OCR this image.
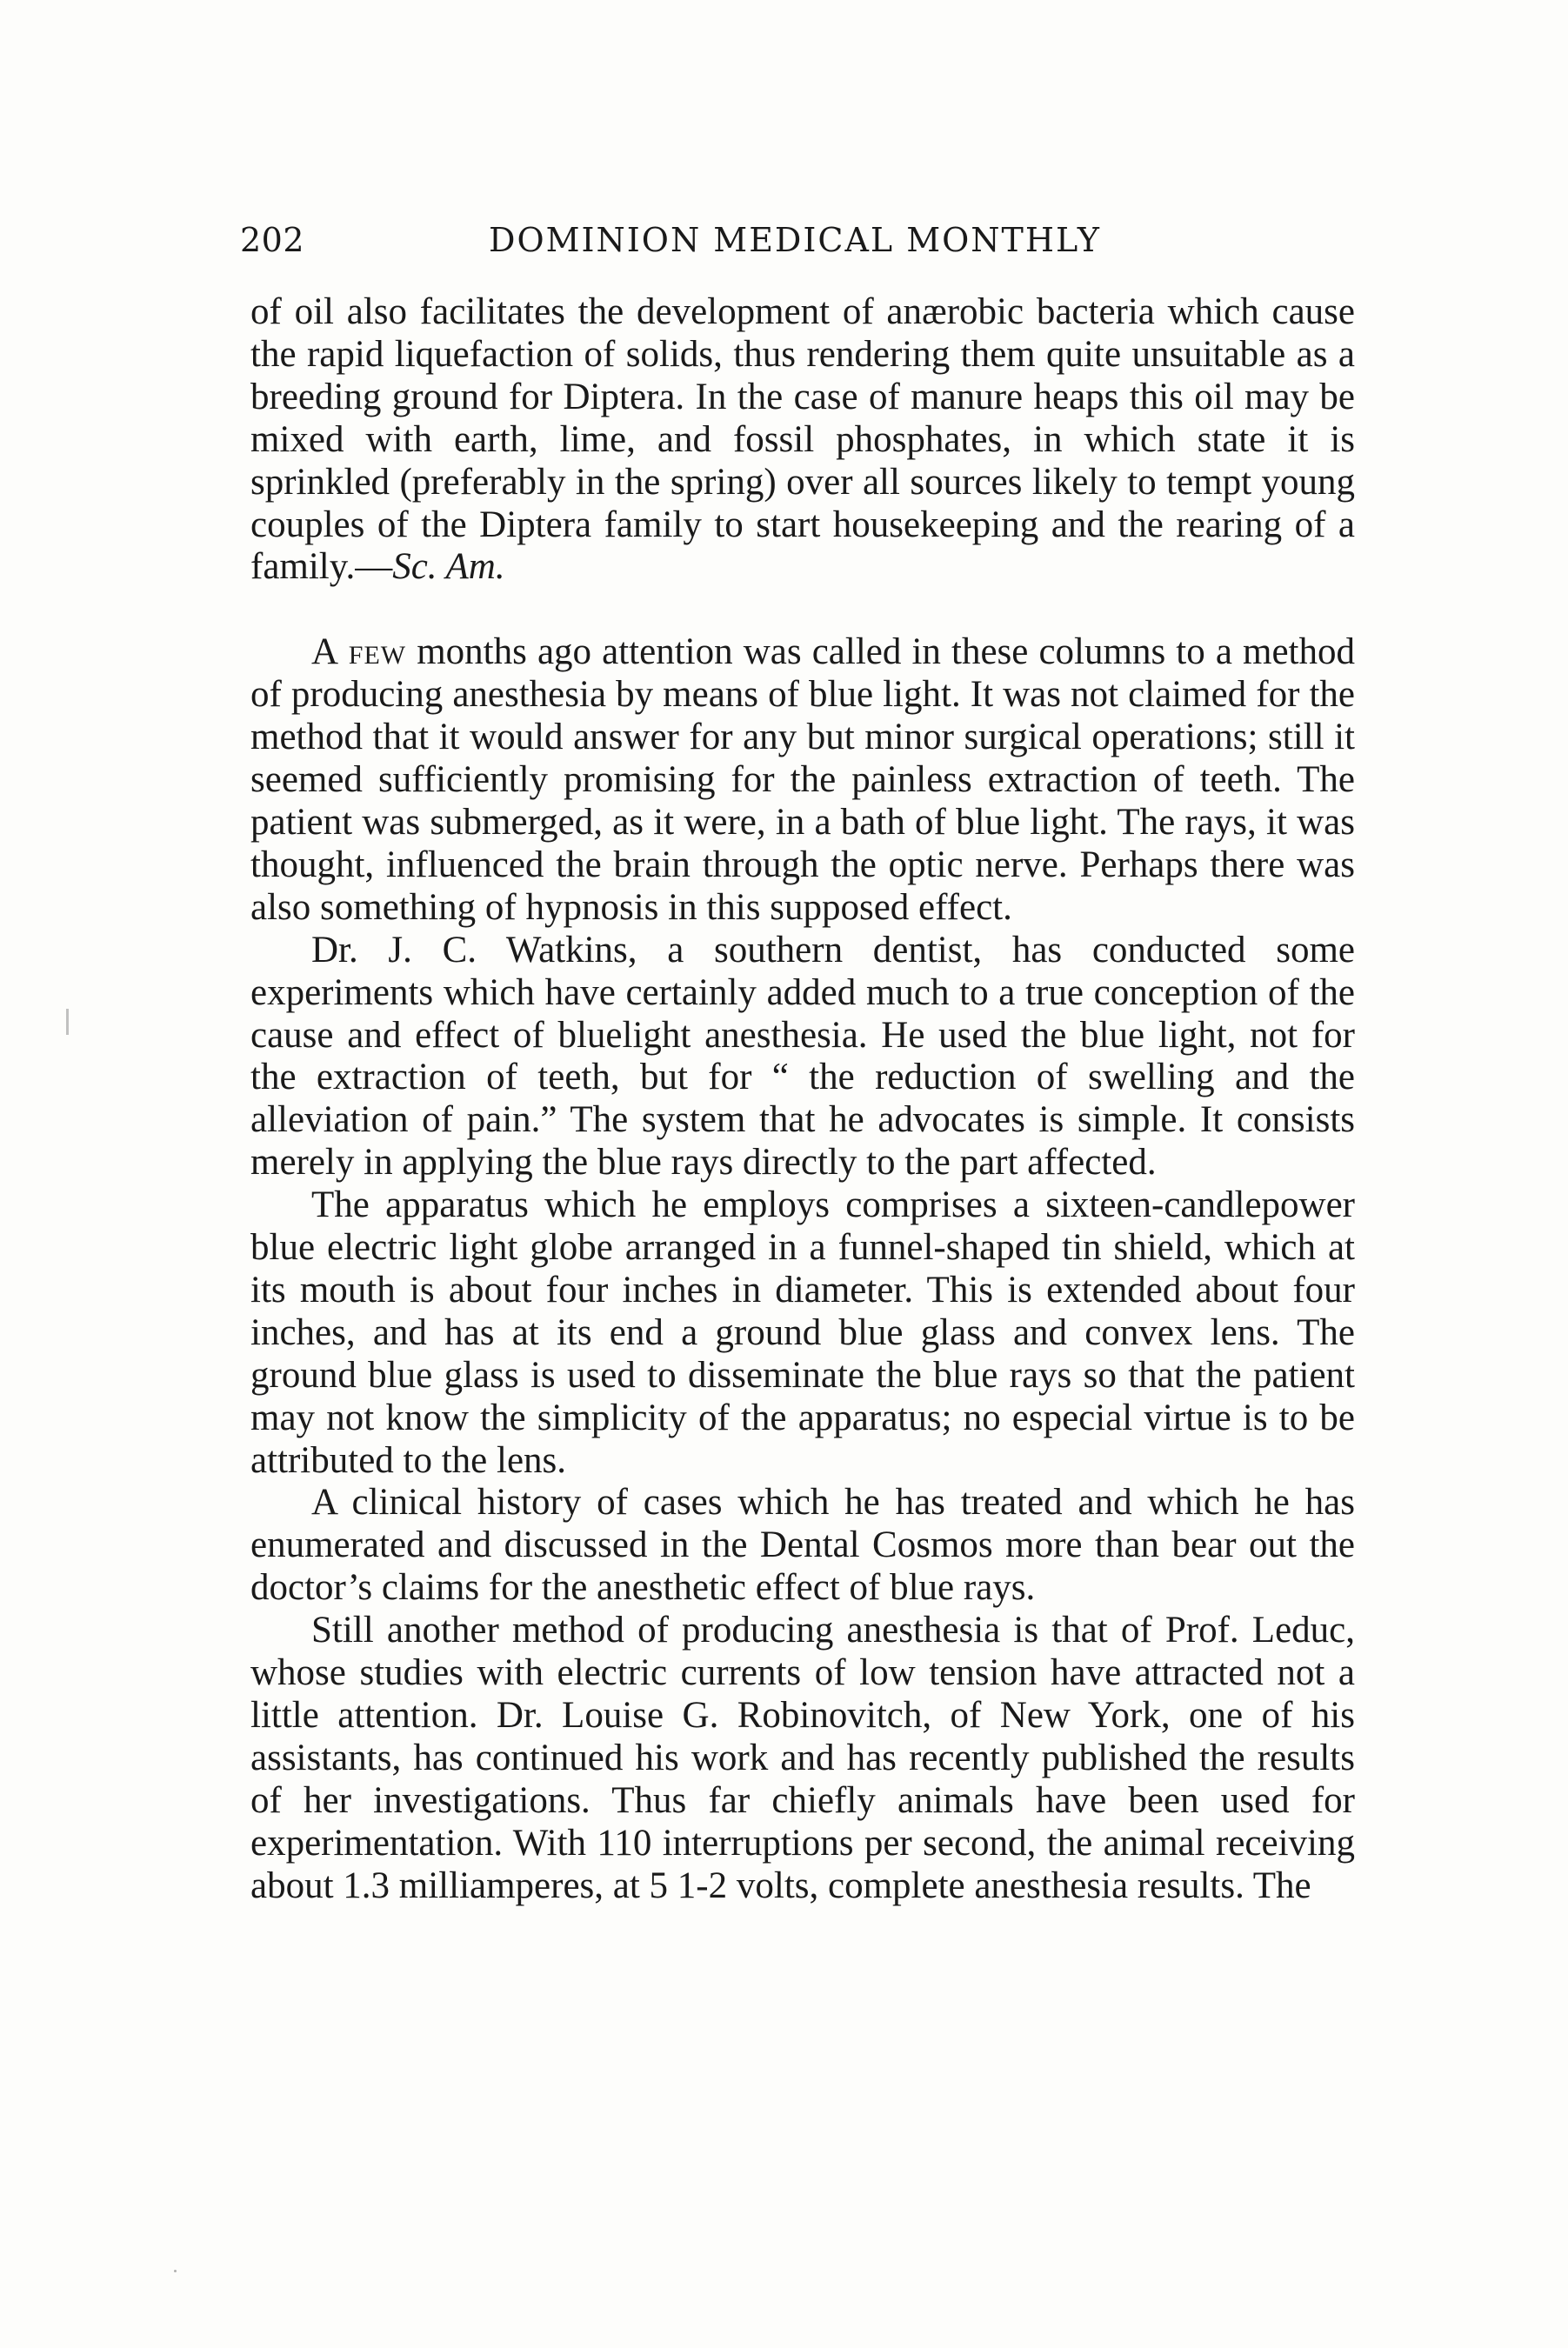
202	DOMINION MEDICAL MONTHLY

of oil also facilitates the development of anærobic bacteria which cause the rapid liquefaction of solids, thus rendering them quite unsuitable as a breeding ground for Diptera. In the case of manure heaps this oil may be mixed with earth, lime, and fossil phosphates, in which state it is sprinkled (preferably in the spring) over all sources likely to tempt young couples of the Diptera family to start housekeeping and the rearing of a family.—Sc. Am.

A few months ago attention was called in these columns to a method of producing anesthesia by means of blue light. It was not claimed for the method that it would answer for any but minor surgical operations; still it seemed sufficiently promising for the painless extraction of teeth. The patient was submerged, as it were, in a bath of blue light. The rays, it was thought, influenced the brain through the optic nerve. Perhaps there was also something of hypnosis in this supposed effect.

Dr. J. C. Watkins, a southern dentist, has conducted some experiments which have certainly added much to a true conception of the cause and effect of bluelight anesthesia. He used the blue light, not for the extraction of teeth, but for “ the reduction of swelling and the alleviation of pain.” The system that he advocates is simple. It consists merely in applying the blue rays directly to the part affected.

The apparatus which he employs comprises a sixteen-candlepower blue electric light globe arranged in a funnel-shaped tin shield, which at its mouth is about four inches in diameter. This is extended about four inches, and has at its end a ground blue glass and convex lens. The ground blue glass is used to disseminate the blue rays so that the patient may not know the simplicity of the apparatus; no especial virtue is to be attributed to the lens.

A clinical history of cases which he has treated and which he has enumerated and discussed in the Dental Cosmos more than bear out the doctor’s claims for the anesthetic effect of blue rays.

Still another method of producing anesthesia is that of Prof. Leduc, whose studies with electric currents of low tension have attracted not a little attention. Dr. Louise G. Robinovitch, of New York, one of his assistants, has continued his work and has recently published the results of her investigations. Thus far chiefly animals have been used for experimentation. With 110 interruptions per second, the animal receiving about 1.3 milliamperes, at 5 1-2 volts, complete anesthesia results. The
